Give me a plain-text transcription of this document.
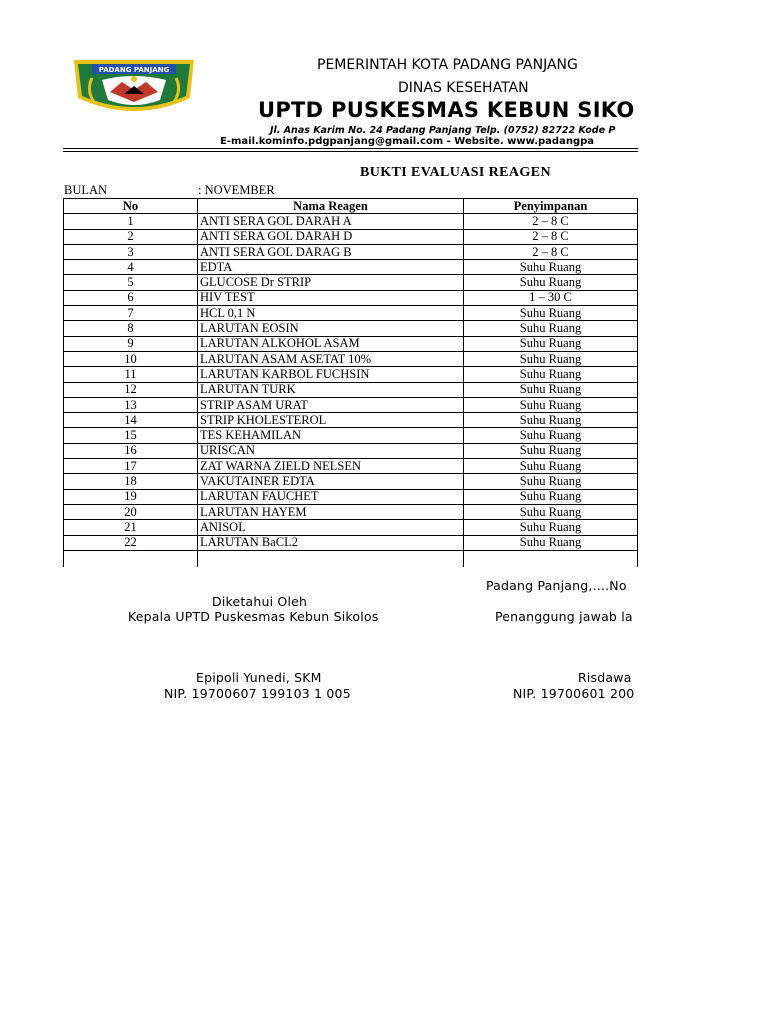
PADANG PANJANG	PEMERINTAH KOTA PADANG PANJANG
DINAS KESEHATAN
UPTD PUSKESMAS KEBUN SIKO
Jl. Anas Karim No. 24 Padang Panjang Telp. (0752) 82722 Kode P
E-mail.kominfo.pdgpanjang@gmail.com - Website. www.padangpa
BUKTI EVALUASI REAGEN
BULAN	: NOVEMBER
No	Nama Reagen	Penyimpanan	
1	ANTI SERA GOL DARAH A	2 – 8 C	
2	ANTI SERA GOL DARAH D	2 – 8 C	
3	ANTI SERA GOL DARAG B	2 – 8 C	
4	EDTA	Suhu Ruang	
5	GLUCOSE Dr STRIP	Suhu Ruang	
6	HIV TEST	1 – 30 C	
7	HCL 0,1 N	Suhu Ruang	
8	LARUTAN EOSIN	Suhu Ruang	
9	LARUTAN ALKOHOL ASAM	Suhu Ruang	
10	LARUTAN ASAM ASETAT 10%	Suhu Ruang	
11	LARUTAN KARBOL FUCHSIN	Suhu Ruang	
12	LARUTAN TURK	Suhu Ruang	
13	STRIP ASAM URAT	Suhu Ruang	
14	STRIP KHOLESTEROL	Suhu Ruang	
15	TES KEHAMILAN	Suhu Ruang	
16	URISCAN	Suhu Ruang	
17	ZAT WARNA ZIELD NELSEN	Suhu Ruang	
18	VAKUTAINER EDTA	Suhu Ruang	
19	LARUTAN FAUCHET	Suhu Ruang	
20	LARUTAN HAYEM	Suhu Ruang	
21	ANISOL	Suhu Ruang	
22	LARUTAN BaCL2	Suhu Ruang	

Padang Panjang,....No
Diketahui Oleh
Kepala UPTD Puskesmas Kebun Sikolos	Penanggung jawab la
Epipoli Yunedi, SKM	Risdawa
NIP. 19700607 199103 1 005	NIP. 19700601 200
